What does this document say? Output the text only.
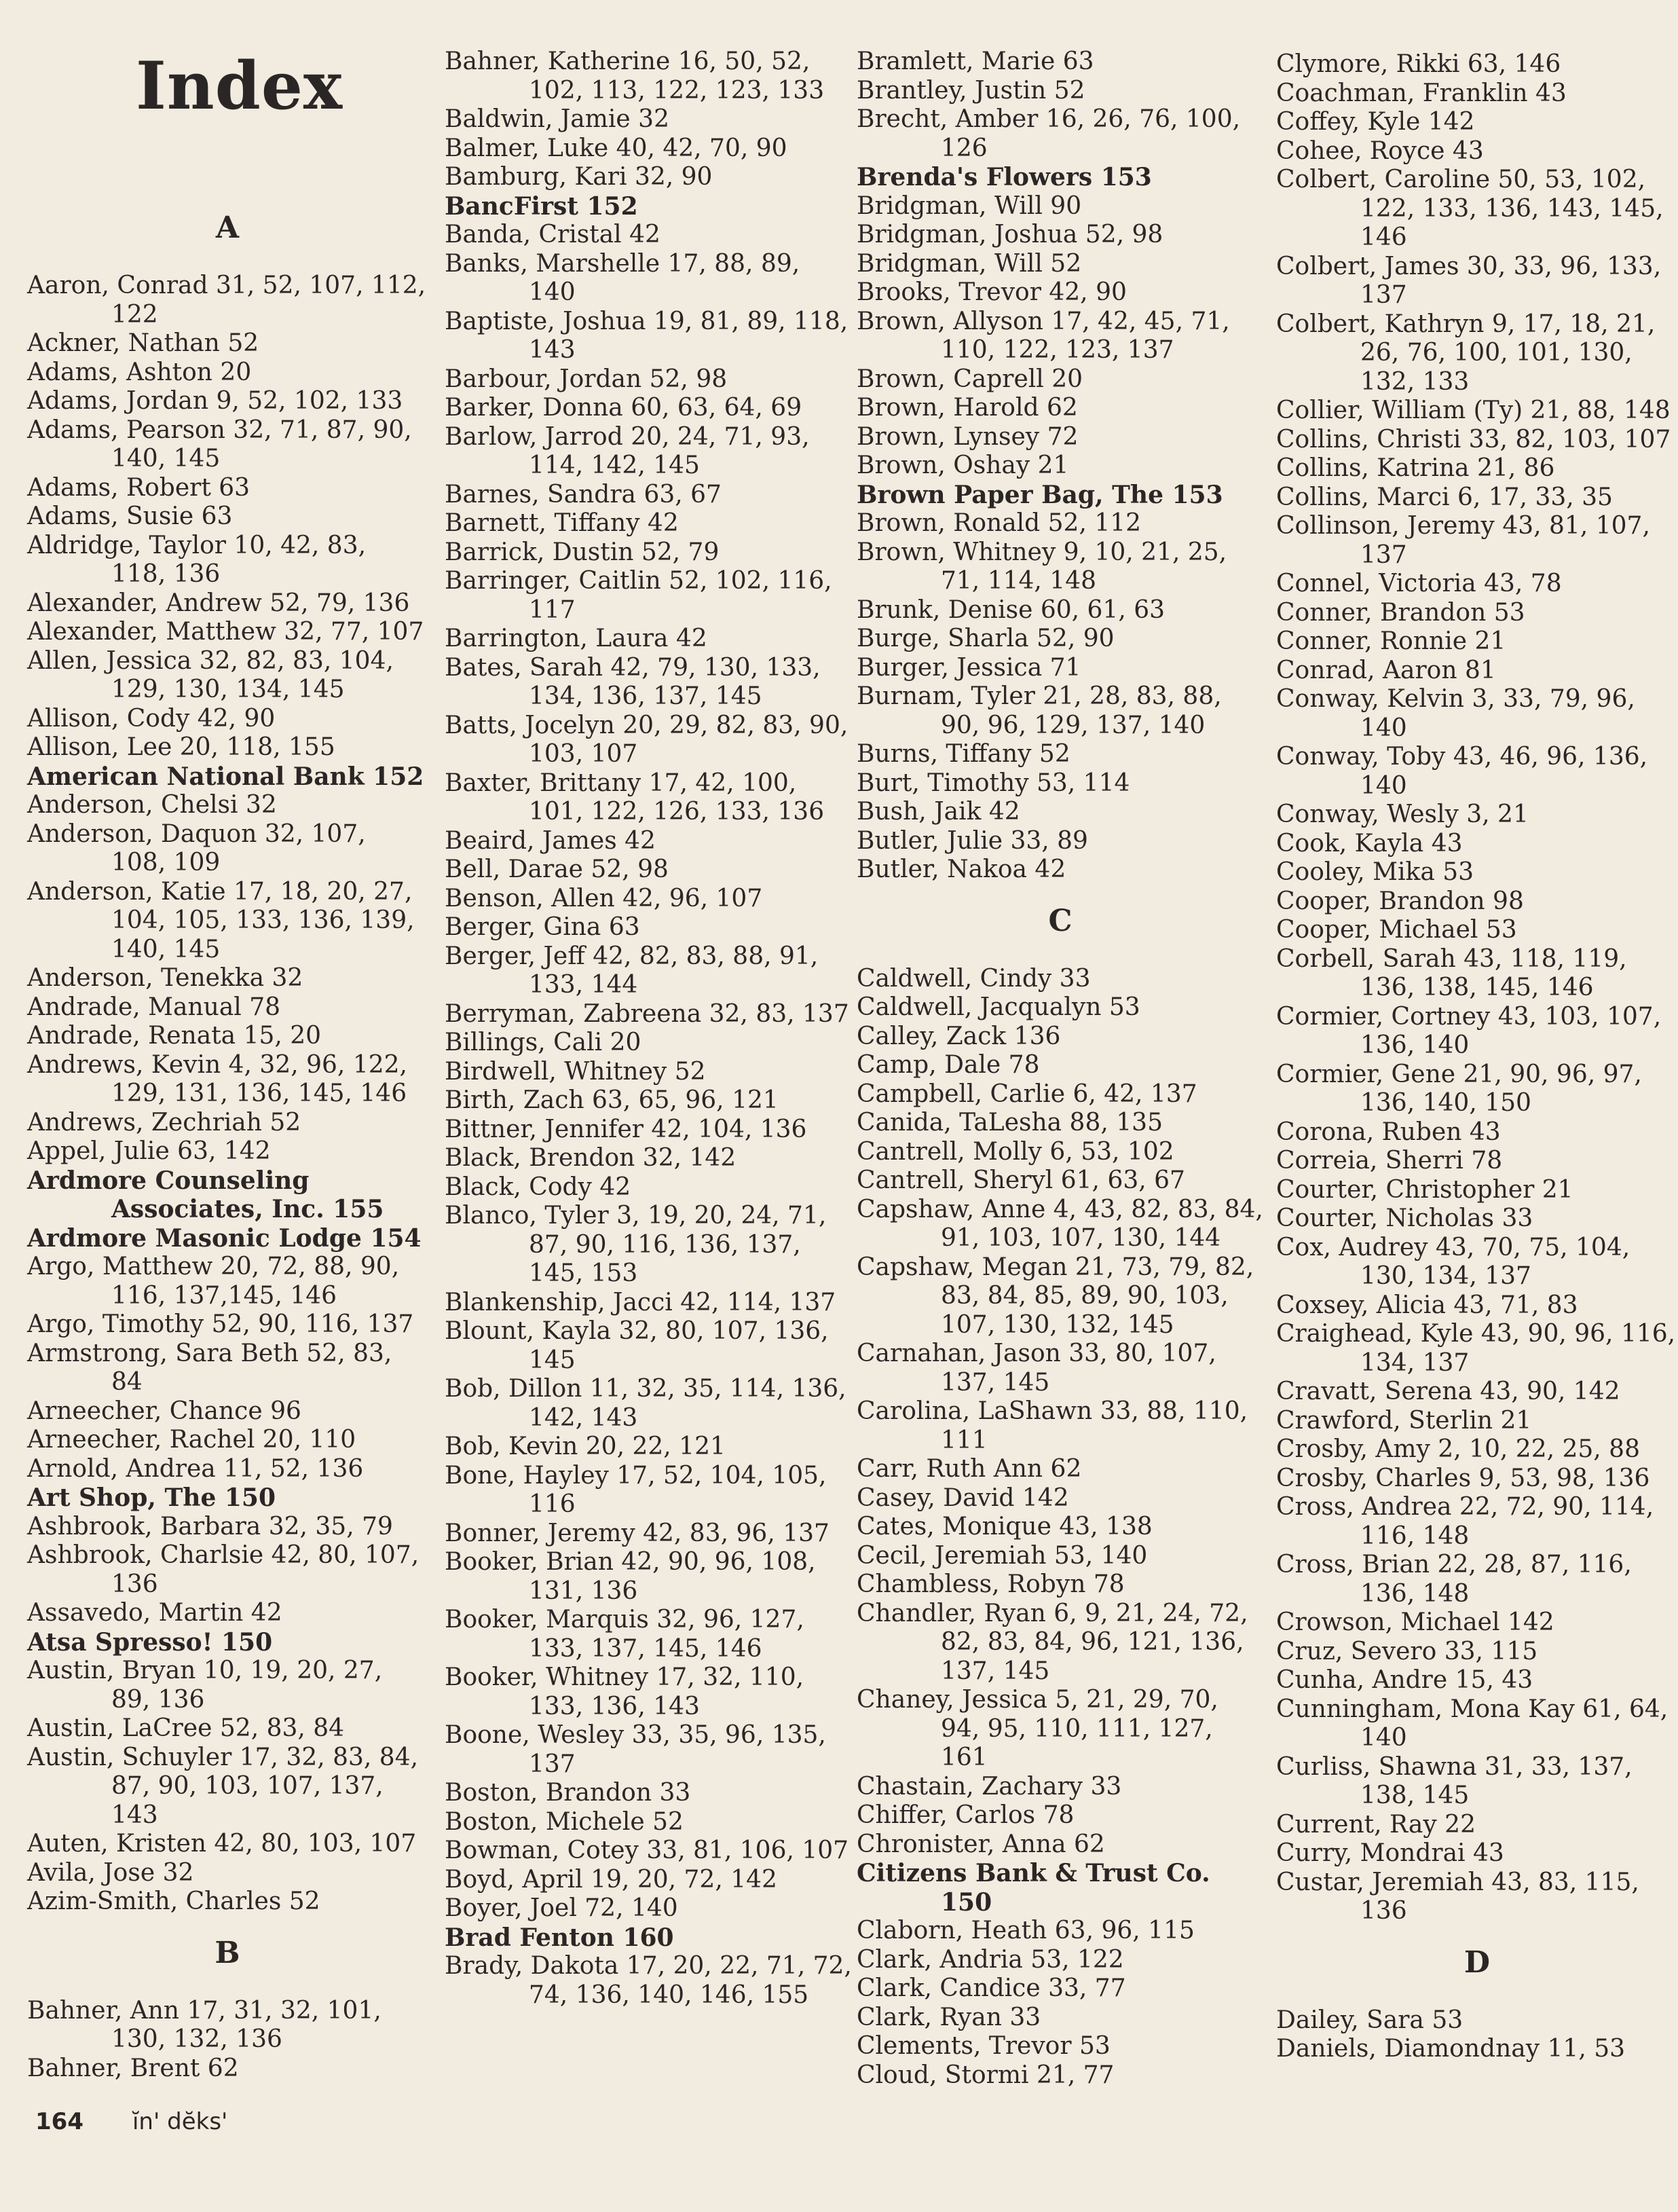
Index
A
Aaron, Conrad 31, 52, 107, 112, 122
Ackner, Nathan 52
Adams, Ashton 20
Adams, Jordan 9, 52, 102, 133
Adams, Pearson 32, 71, 87, 90, 140, 145
Adams, Robert 63
Adams, Susie 63
Aldridge, Taylor 10, 42, 83, 118, 136
Alexander, Andrew 52, 79, 136
Alexander, Matthew 32, 77, 107
Allen, Jessica 32, 82, 83, 104, 129, 130, 134, 145
Allison, Cody 42, 90
Allison, Lee 20, 118, 155
American National Bank 152
Anderson, Chelsi 32
Anderson, Daquon 32, 107, 108, 109
Anderson, Katie 17, 18, 20, 27, 104, 105, 133, 136, 139, 140, 145
Anderson, Tenekka 32
Andrade, Manual 78
Andrade, Renata 15, 20
Andrews, Kevin 4, 32, 96, 122, 129, 131, 136, 145, 146
Andrews, Zechriah 52
Appel, Julie 63, 142
Ardmore Counseling Associates, Inc. 155
Ardmore Masonic Lodge 154
Argo, Matthew 20, 72, 88, 90, 116, 137,145, 146
Argo, Timothy 52, 90, 116, 137
Armstrong, Sara Beth 52, 83, 84
Arneecher, Chance 96
Arneecher, Rachel 20, 110
Arnold, Andrea 11, 52, 136
Art Shop, The 150
Ashbrook, Barbara 32, 35, 79
Ashbrook, Charlsie 42, 80, 107, 136
Assavedo, Martin 42
Atsa Spresso! 150
Austin, Bryan 10, 19, 20, 27, 89, 136
Austin, LaCree 52, 83, 84
Austin, Schuyler 17, 32, 83, 84, 87, 90, 103, 107, 137, 143
Auten, Kristen 42, 80, 103, 107
Avila, Jose 32
Azim-Smith, Charles 52
B
Bahner, Ann 17, 31, 32, 101, 130, 132, 136
Bahner, Brent 62
Bahner, Katherine 16, 50, 52, 102, 113, 122, 123, 133
Baldwin, Jamie 32
Balmer, Luke 40, 42, 70, 90
Bamburg, Kari 32, 90
BancFirst 152
Banda, Cristal 42
Banks, Marshelle 17, 88, 89, 140
Baptiste, Joshua 19, 81, 89, 118, 143
Barbour, Jordan 52, 98
Barker, Donna 60, 63, 64, 69
Barlow, Jarrod 20, 24, 71, 93, 114, 142, 145
Barnes, Sandra 63, 67
Barnett, Tiffany 42
Barrick, Dustin 52, 79
Barringer, Caitlin 52, 102, 116, 117
Barrington, Laura 42
Bates, Sarah 42, 79, 130, 133, 134, 136, 137, 145
Batts, Jocelyn 20, 29, 82, 83, 90, 103, 107
Baxter, Brittany 17, 42, 100, 101, 122, 126, 133, 136
Beaird, James 42
Bell, Darae 52, 98
Benson, Allen 42, 96, 107
Berger, Gina 63
Berger, Jeff 42, 82, 83, 88, 91, 133, 144
Berryman, Zabreena 32, 83, 137
Billings, Cali 20
Birdwell, Whitney 52
Birth, Zach 63, 65, 96, 121
Bittner, Jennifer 42, 104, 136
Black, Brendon 32, 142
Black, Cody 42
Blanco, Tyler 3, 19, 20, 24, 71, 87, 90, 116, 136, 137, 145, 153
Blankenship, Jacci 42, 114, 137
Blount, Kayla 32, 80, 107, 136, 145
Bob, Dillon 11, 32, 35, 114, 136, 142, 143
Bob, Kevin 20, 22, 121
Bone, Hayley 17, 52, 104, 105, 116
Bonner, Jeremy 42, 83, 96, 137
Booker, Brian 42, 90, 96, 108, 131, 136
Booker, Marquis 32, 96, 127, 133, 137, 145, 146
Booker, Whitney 17, 32, 110, 133, 136, 143
Boone, Wesley 33, 35, 96, 135, 137
Boston, Brandon 33
Boston, Michele 52
Bowman, Cotey 33, 81, 106, 107
Boyd, April 19, 20, 72, 142
Boyer, Joel 72, 140
Brad Fenton 160
Brady, Dakota 17, 20, 22, 71, 72, 74, 136, 140, 146, 155
Bramlett, Marie 63
Brantley, Justin 52
Brecht, Amber 16, 26, 76, 100, 126
Brenda's Flowers 153
Bridgman, Will 90
Bridgman, Joshua 52, 98
Bridgman, Will 52
Brooks, Trevor 42, 90
Brown, Allyson 17, 42, 45, 71, 110, 122, 123, 137
Brown, Caprell 20
Brown, Harold 62
Brown, Lynsey 72
Brown, Oshay 21
Brown Paper Bag, The 153
Brown, Ronald 52, 112
Brown, Whitney 9, 10, 21, 25, 71, 114, 148
Brunk, Denise 60, 61, 63
Burge, Sharla 52, 90
Burger, Jessica 71
Burnam, Tyler 21, 28, 83, 88, 90, 96, 129, 137, 140
Burns, Tiffany 52
Burt, Timothy 53, 114
Bush, Jaik 42
Butler, Julie 33, 89
Butler, Nakoa 42
C
Caldwell, Cindy 33
Caldwell, Jacqualyn 53
Calley, Zack 136
Camp, Dale 78
Campbell, Carlie 6, 42, 137
Canida, TaLesha 88, 135
Cantrell, Molly 6, 53, 102
Cantrell, Sheryl 61, 63, 67
Capshaw, Anne 4, 43, 82, 83, 84, 91, 103, 107, 130, 144
Capshaw, Megan 21, 73, 79, 82, 83, 84, 85, 89, 90, 103, 107, 130, 132, 145
Carnahan, Jason 33, 80, 107, 137, 145
Carolina, LaShawn 33, 88, 110, 111
Carr, Ruth Ann 62
Casey, David 142
Cates, Monique 43, 138
Cecil, Jeremiah 53, 140
Chambless, Robyn 78
Chandler, Ryan 6, 9, 21, 24, 72, 82, 83, 84, 96, 121, 136, 137, 145
Chaney, Jessica 5, 21, 29, 70, 94, 95, 110, 111, 127, 161
Chastain, Zachary 33
Chiffer, Carlos 78
Chronister, Anna 62
Citizens Bank & Trust Co. 150
Claborn, Heath 63, 96, 115
Clark, Andria 53, 122
Clark, Candice 33, 77
Clark, Ryan 33
Clements, Trevor 53
Cloud, Stormi 21, 77
Clymore, Rikki 63, 146
Coachman, Franklin 43
Coffey, Kyle 142
Cohee, Royce 43
Colbert, Caroline 50, 53, 102, 122, 133, 136, 143, 145, 146
Colbert, James 30, 33, 96, 133, 137
Colbert, Kathryn 9, 17, 18, 21, 26, 76, 100, 101, 130, 132, 133
Collier, William (Ty) 21, 88, 148
Collins, Christi 33, 82, 103, 107
Collins, Katrina 21, 86
Collins, Marci 6, 17, 33, 35
Collinson, Jeremy 43, 81, 107, 137
Connel, Victoria 43, 78
Conner, Brandon 53
Conner, Ronnie 21
Conrad, Aaron 81
Conway, Kelvin 3, 33, 79, 96, 140
Conway, Toby 43, 46, 96, 136, 140
Conway, Wesly 3, 21
Cook, Kayla 43
Cooley, Mika 53
Cooper, Brandon 98
Cooper, Michael 53
Corbell, Sarah 43, 118, 119, 136, 138, 145, 146
Cormier, Cortney 43, 103, 107, 136, 140
Cormier, Gene 21, 90, 96, 97, 136, 140, 150
Corona, Ruben 43
Correia, Sherri 78
Courter, Christopher 21
Courter, Nicholas 33
Cox, Audrey 43, 70, 75, 104, 130, 134, 137
Coxsey, Alicia 43, 71, 83
Craighead, Kyle 43, 90, 96, 116, 134, 137
Cravatt, Serena 43, 90, 142
Crawford, Sterlin 21
Crosby, Amy 2, 10, 22, 25, 88
Crosby, Charles 9, 53, 98, 136
Cross, Andrea 22, 72, 90, 114, 116, 148
Cross, Brian 22, 28, 87, 116, 136, 148
Crowson, Michael 142
Cruz, Severo 33, 115
Cunha, Andre 15, 43
Cunningham, Mona Kay 61, 64, 140
Curliss, Shawna 31, 33, 137, 138, 145
Current, Ray 22
Curry, Mondrai 43
Custar, Jeremiah 43, 83, 115, 136
D
Dailey, Sara 53
Daniels, Diamondnay 11, 53
164 ĭn' dĕks'
